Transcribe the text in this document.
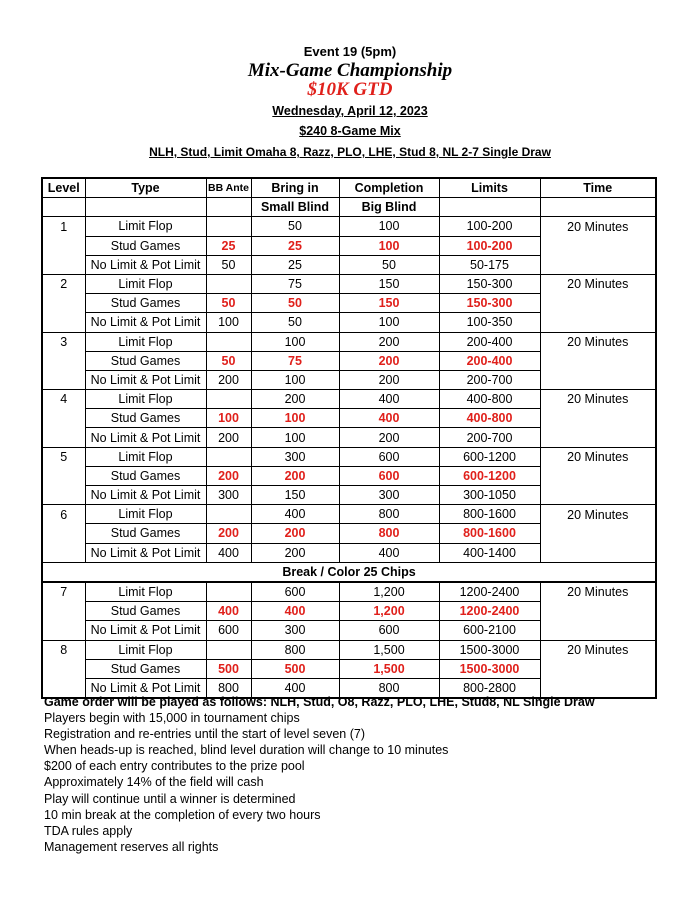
Event 19 (5pm)
Mix-Game Championship
$10K GTD
Wednesday, April 12, 2023
$240 8-Game Mix
NLH, Stud, Limit Omaha 8, Razz, PLO, LHE, Stud 8, NL 2-7 Single Draw
Level	Type	BB Ante	Bring in	Completion	Limits	Time
			Small Blind	Big Blind		
1	Limit Flop		50	100	100-200	20 Minutes
	Stud Games	25	25	100	100-200	
	No Limit & Pot Limit	50	25	50	50-175	
2	Limit Flop		75	150	150-300	20 Minutes
	Stud Games	50	50	150	150-300	
	No Limit & Pot Limit	100	50	100	100-350	
3	Limit Flop		100	200	200-400	20 Minutes
	Stud Games	50	75	200	200-400	
	No Limit & Pot Limit	200	100	200	200-700	
4	Limit Flop		200	400	400-800	20 Minutes
	Stud Games	100	100	400	400-800	
	No Limit & Pot Limit	200	100	200	200-700	
5	Limit Flop		300	600	600-1200	20 Minutes
	Stud Games	200	200	600	600-1200	
	No Limit & Pot Limit	300	150	300	300-1050	
6	Limit Flop		400	800	800-1600	20 Minutes
	Stud Games	200	200	800	800-1600	
	No Limit & Pot Limit	400	200	400	400-1400	
Break / Color 25 Chips						
7	Limit Flop		600	1,200	1200-2400	20 Minutes
	Stud Games	400	400	1,200	1200-2400	
	No Limit & Pot Limit	600	300	600	600-2100	
8	Limit Flop		800	1,500	1500-3000	20 Minutes
	Stud Games	500	500	1,500	1500-3000	
	No Limit & Pot Limit	800	400	800	800-2800	
Game order will be played as follows: NLH, Stud, O8, Razz, PLO, LHE, Stud8, NL Single Draw
Players begin with 15,000 in tournament chips
Registration and re-entries until the start of level seven (7)
When heads-up is reached, blind level duration will change to 10 minutes
$200 of each entry contributes to the prize pool
Approximately 14% of the field will cash
Play will continue until a winner is determined
10 min break at the completion of every two hours
TDA rules apply
Management reserves all rights
